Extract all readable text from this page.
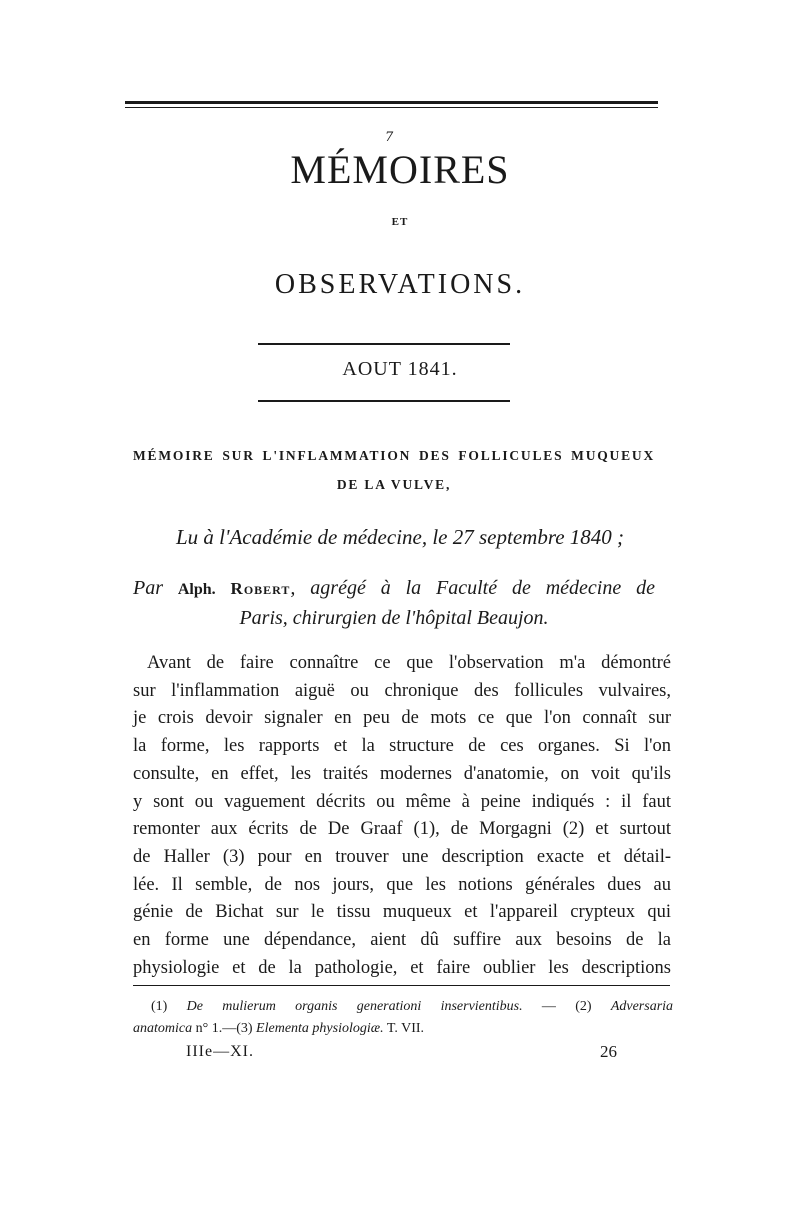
7
MÉMOIRES
ET
OBSERVATIONS.
AOUT 1841.
MÉMOIRE SUR L'INFLAMMATION DES FOLLICULES MUQUEUX
DE LA VULVE,
Lu à l'Académie de médecine, le 27 septembre 1840 ;
Par Alph. Robert, agrégé à la Faculté de médecine de
Paris, chirurgien de l'hôpital Beaujon.
Avant de faire connaître ce que l'observation m'a démontré
sur l'inflammation aiguë ou chronique des follicules vulvaires,
je crois devoir signaler en peu de mots ce que l'on connaît sur
la forme, les rapports et la structure de ces organes. Si l'on
consulte, en effet, les traités modernes d'anatomie, on voit qu'ils
y sont ou vaguement décrits ou même à peine indiqués : il faut
remonter aux écrits de De Graaf (1), de Morgagni (2) et surtout
de Haller (3) pour en trouver une description exacte et détail-
lée. Il semble, de nos jours, que les notions générales dues au
génie de Bichat sur le tissu muqueux et l'appareil crypteux qui
en forme une dépendance, aient dû suffire aux besoins de la
physiologie et de la pathologie, et faire oublier les descriptions
(1) De mulierum organis generationi inservientibus. — (2) Adversaria
anatomica n° 1.—(3) Elementa physiologiæ. T. VII.
IIIe—XI.	26
